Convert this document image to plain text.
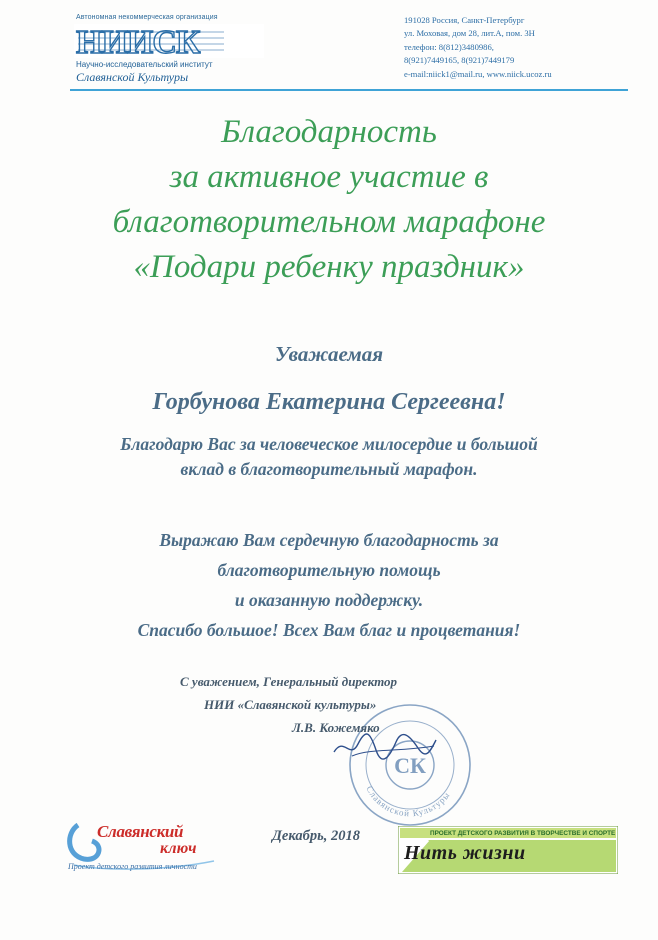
Автономная некоммерческая организация
НИИСК
Научно-исследовательский институт
Славянской Культуры
191028 Россия, Санкт-Петербург
ул. Моховая, дом 28, лит.А, пом. 3Н
телефон: 8(812)3480986,
8(921)7449165, 8(921)7449179
e-mail:niick1@mail.ru, www.niick.ucoz.ru
Благодарность
за активное участие в
благотворительном марафоне
«Подари ребенку праздник»
Уважаемая
Горбунова Екатерина Сергеевна!
Благодарю Вас за человеческое милосердие и большой
вклад в благотворительный марафон.
Выражаю Вам сердечную благодарность за
благотворительную помощь
и оказанную поддержку.
Спасибо большое! Всех Вам благ и процветания!
СК
Славянской Культуры
С уважением, Генеральный директор
НИИ «Славянской культуры»
Л.В. Кожемяко
Славянский
ключ
Проект детского развития личности
Декабрь, 2018	ПРОЕКТ ДЕТСКОГО РАЗВИТИЯ В ТВОРЧЕСТВЕ И СПОРТЕ
Нить жизни
